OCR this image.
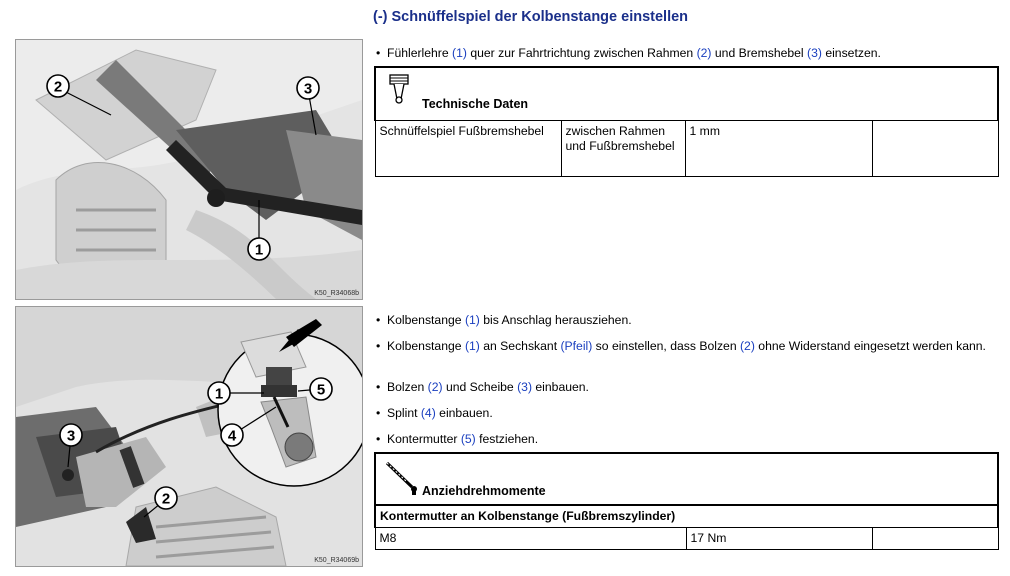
(-) Schnüffelspiel der Kolbenstange einstellen
2	3
1
K50_R34068b
3
2
1	5
4
K50_R34069b
• Fühlerlehre (1) quer zur Fahrtrichtung zwischen Rahmen (2) und Bremshebel (3) einsetzen.
Technische Daten

Schnüffelspiel Fußbremshebel	zwischen Rahmen und Fußbremshebel	1 mm	
• Kolbenstange (1) bis Anschlag herausziehen.
• Kolbenstange (1) an Sechskant (Pfeil) so einstellen, dass Bolzen (2) ohne Widerstand eingesetzt werden kann.
• Bolzen (2) und Scheibe (3) einbauen.
• Splint (4) einbauen.
• Kontermutter (5) festziehen.
Anziehdrehmomente

Kontermutter an Kolbenstange (Fußbremszylinder)
M8	17 Nm	
